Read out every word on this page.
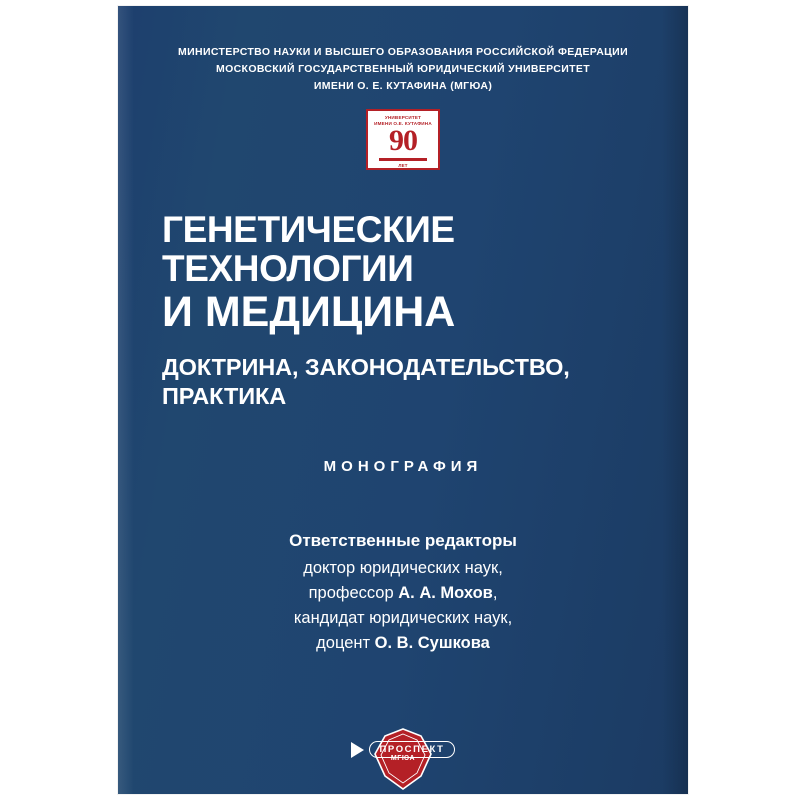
МИНИСТЕРСТВО НАУКИ И ВЫСШЕГО ОБРАЗОВАНИЯ РОССИЙСКОЙ ФЕДЕРАЦИИ
МОСКОВСКИЙ ГОСУДАРСТВЕННЫЙ ЮРИДИЧЕСКИЙ УНИВЕРСИТЕТ
ИМЕНИ О. Е. КУТАФИНА (МГЮА)
УНИВЕРСИТЕТ
ИМЕНИ О.Е. КУТАФИНА
90
ЛЕТ
ГЕНЕТИЧЕСКИЕ ТЕХНОЛОГИИ
И МЕДИЦИНА
ДОКТРИНА, ЗАКОНОДАТЕЛЬСТВО,
ПРАКТИКА
МОНОГРАФИЯ
Ответственные редакторы
доктор юридических наук,
профессор А. А. Мохов,
кандидат юридических наук,
доцент О. В. Сушкова
МГЮА
ПРОСПЕКТ
